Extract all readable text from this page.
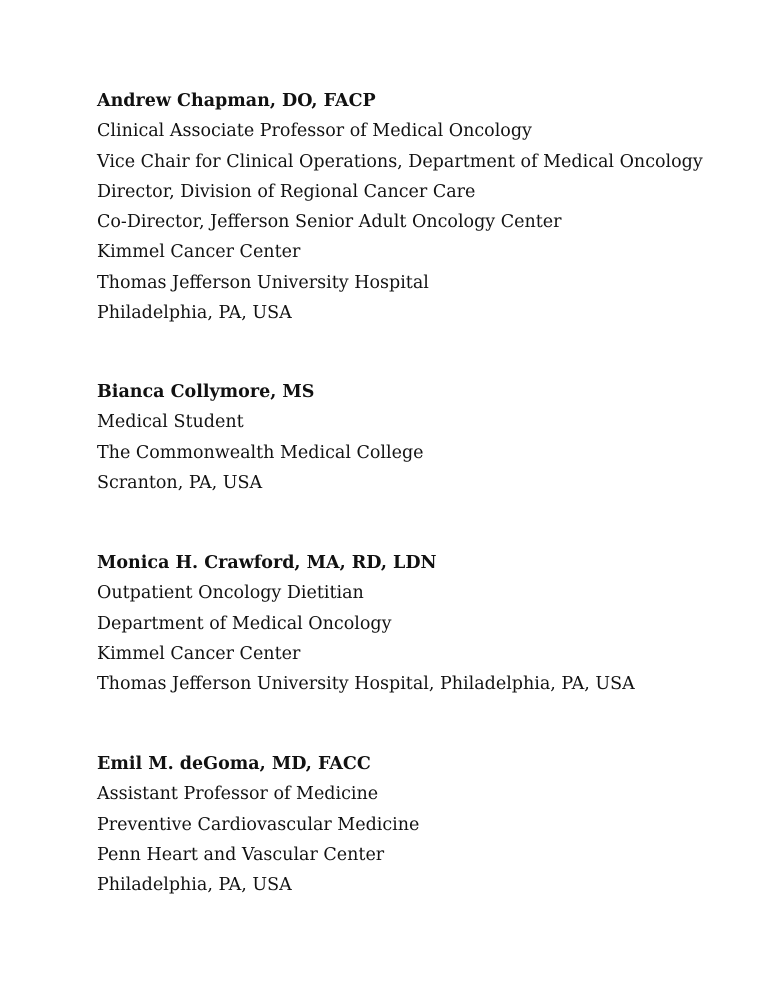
Andrew Chapman, DO, FACP
Clinical Associate Professor of Medical Oncology
Vice Chair for Clinical Operations, Department of Medical Oncology
Director, Division of Regional Cancer Care
Co-Director, Jefferson Senior Adult Oncology Center
Kimmel Cancer Center
Thomas Jefferson University Hospital
Philadelphia, PA, USA
Bianca Collymore, MS
Medical Student
The Commonwealth Medical College
Scranton, PA, USA
Monica H. Crawford, MA, RD, LDN
Outpatient Oncology Dietitian
Department of Medical Oncology
Kimmel Cancer Center
Thomas Jefferson University Hospital, Philadelphia, PA, USA
Emil M. deGoma, MD, FACC
Assistant Professor of Medicine
Preventive Cardiovascular Medicine
Penn Heart and Vascular Center
Philadelphia, PA, USA
